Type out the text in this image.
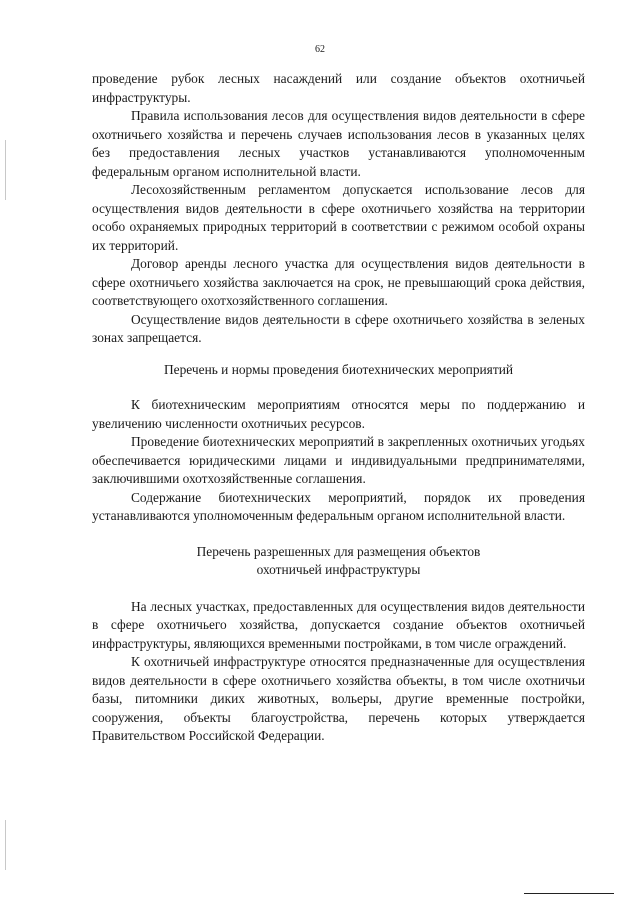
62

проведение рубок лесных насаждений или создание объектов охотничьей инфраструктуры.

Правила использования лесов для осуществления видов деятельности в сфере охотничьего хозяйства и перечень случаев использования лесов в указанных целях без предоставления лесных участков устанавливаются уполномоченным федеральным органом исполнительной власти.

Лесохозяйственным регламентом допускается использование лесов для осуществления видов деятельности в сфере охотничьего хозяйства на территории особо охраняемых природных территорий в соответствии с режимом особой охраны их территорий.

Договор аренды лесного участка для осуществления видов деятельности в сфере охотничьего хозяйства заключается на срок, не превышающий срока действия, соответствующего охотхозяйственного соглашения.

Осуществление видов деятельности в сфере охотничьего хозяйства в зеленых зонах запрещается.

Перечень и нормы проведения биотехнических мероприятий

К биотехническим мероприятиям относятся меры по поддержанию и увеличению численности охотничьих ресурсов.

Проведение биотехнических мероприятий в закрепленных охотничьих угодьях обеспечивается юридическими лицами и индивидуальными предпринимателями, заключившими охотхозяйственные соглашения.

Содержание биотехнических мероприятий, порядок их проведения устанавливаются уполномоченным федеральным органом исполнительной власти.

Перечень разрешенных для размещения объектов
охотничьей инфраструктуры

На лесных участках, предоставленных для осуществления видов деятельности в сфере охотничьего хозяйства, допускается создание объектов охотничьей инфраструктуры, являющихся временными постройками, в том числе ограждений.

К охотничьей инфраструктуре относятся предназначенные для осуществления видов деятельности в сфере охотничьего хозяйства объекты, в том числе охотничьи базы, питомники диких животных, вольеры, другие временные постройки, сооружения, объекты благоустройства, перечень которых утверждается Правительством Российской Федерации.
